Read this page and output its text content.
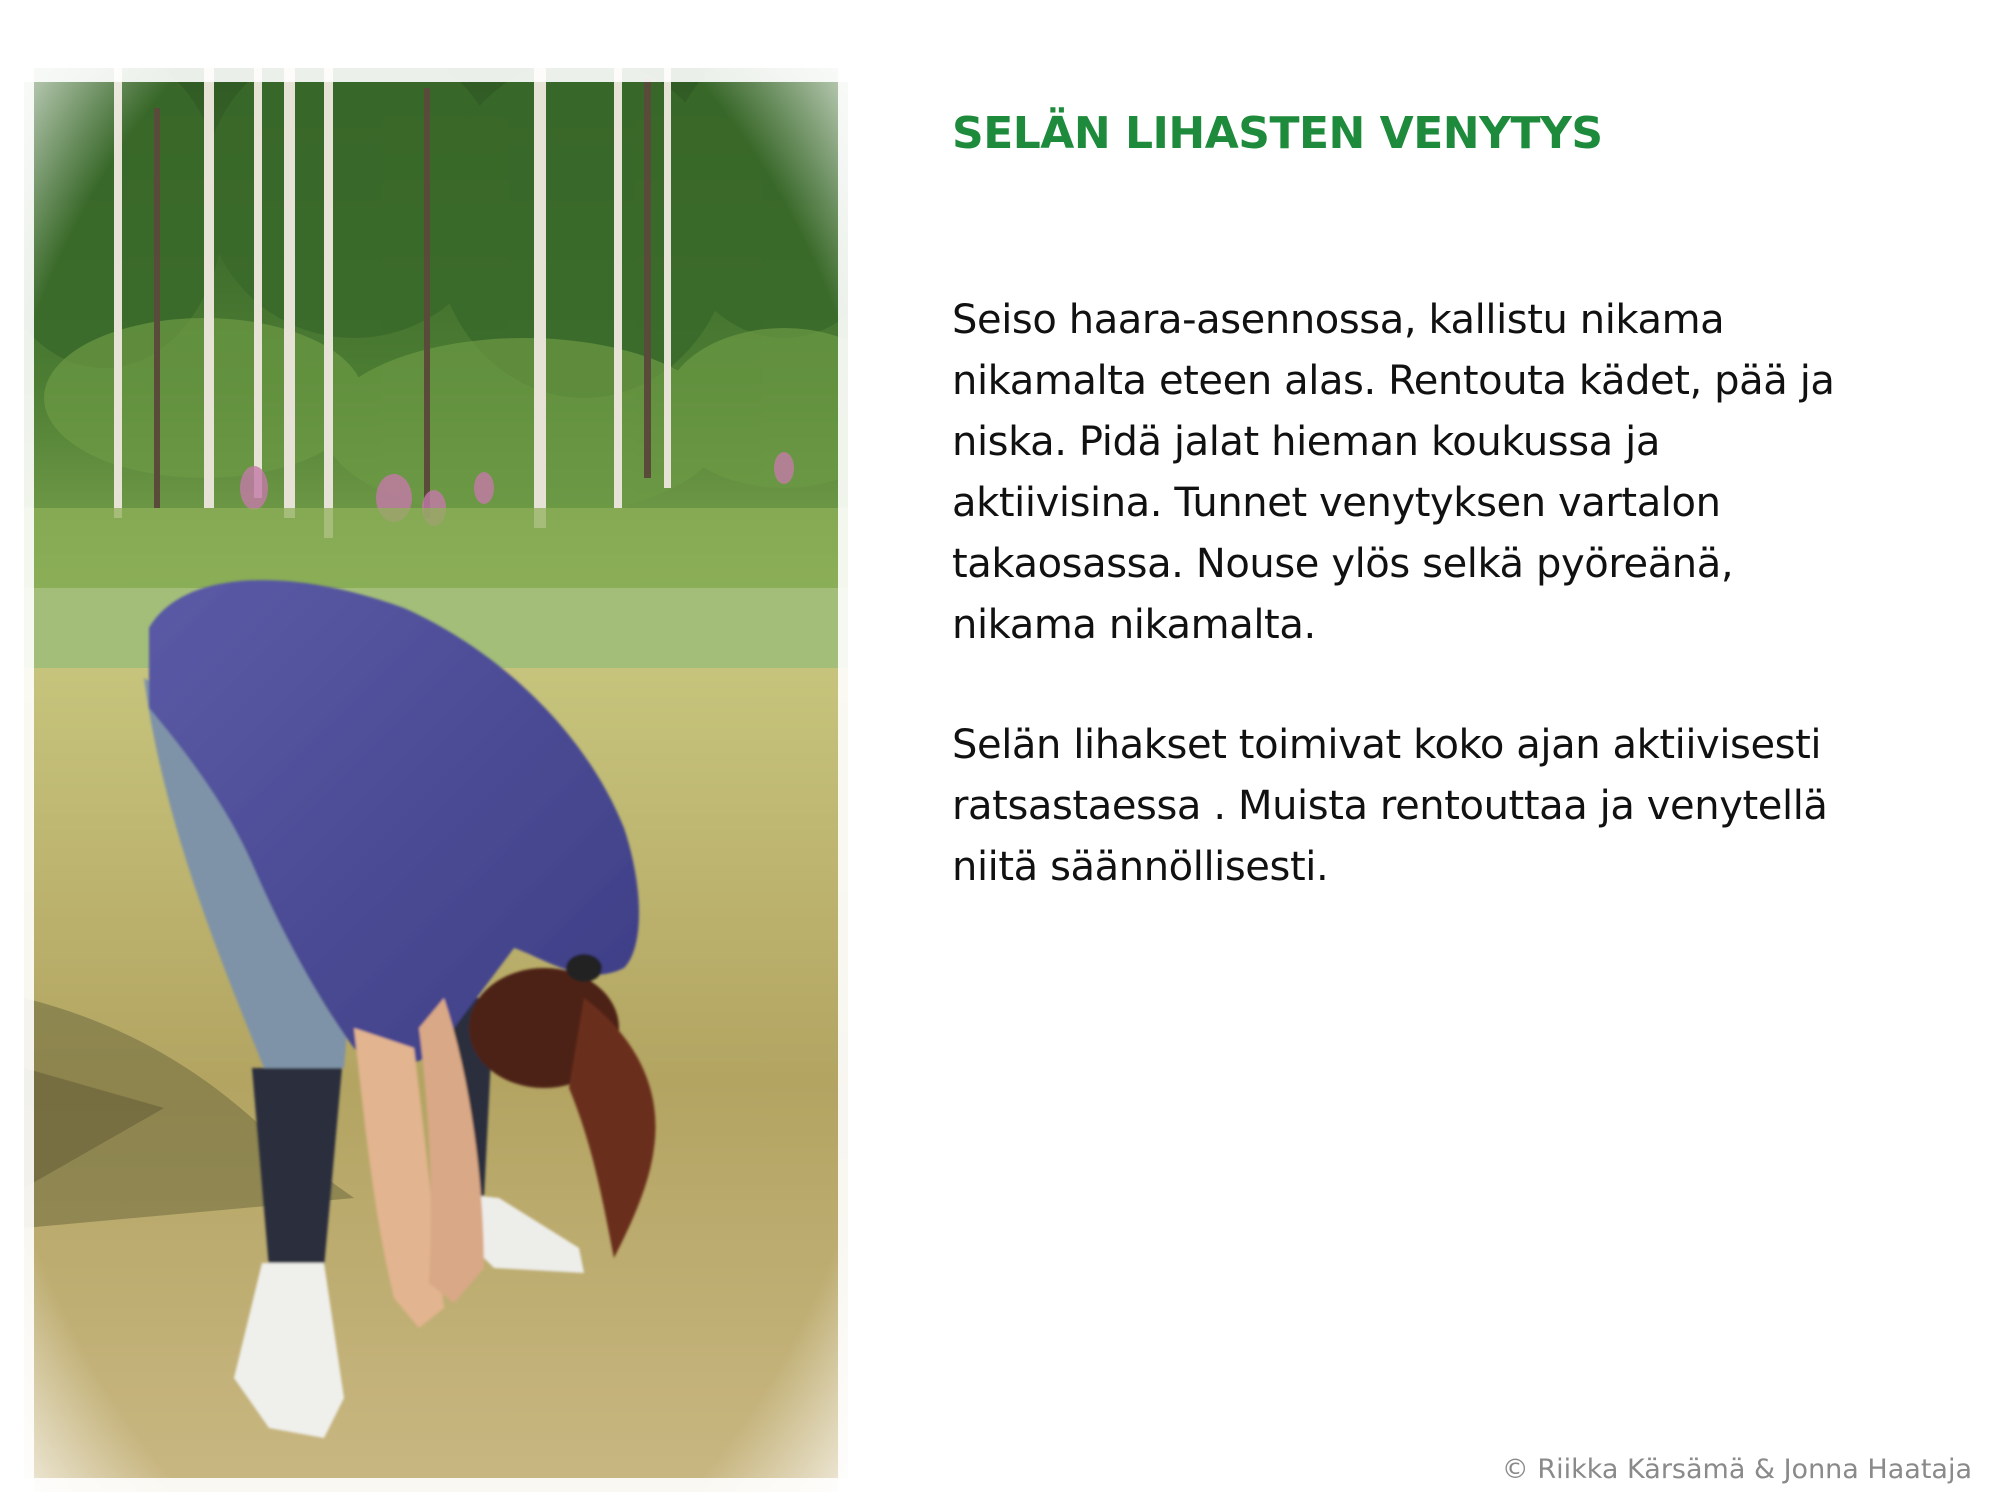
SELÄN LIHASTEN VENYTYS

Seiso haara-asennossa, kallistu nikama
nikamalta eteen alas. Rentouta kädet, pää ja
niska. Pidä jalat hieman koukussa ja
aktiivisina. Tunnet venytyksen vartalon
takaosassa. Nouse ylös selkä pyöreänä,
nikama nikamalta.

Selän lihakset toimivat koko ajan aktiivisesti
ratsastaessa . Muista rentouttaa ja venytellä
niitä säännöllisesti.

© Riikka Kärsämä & Jonna Haataja
